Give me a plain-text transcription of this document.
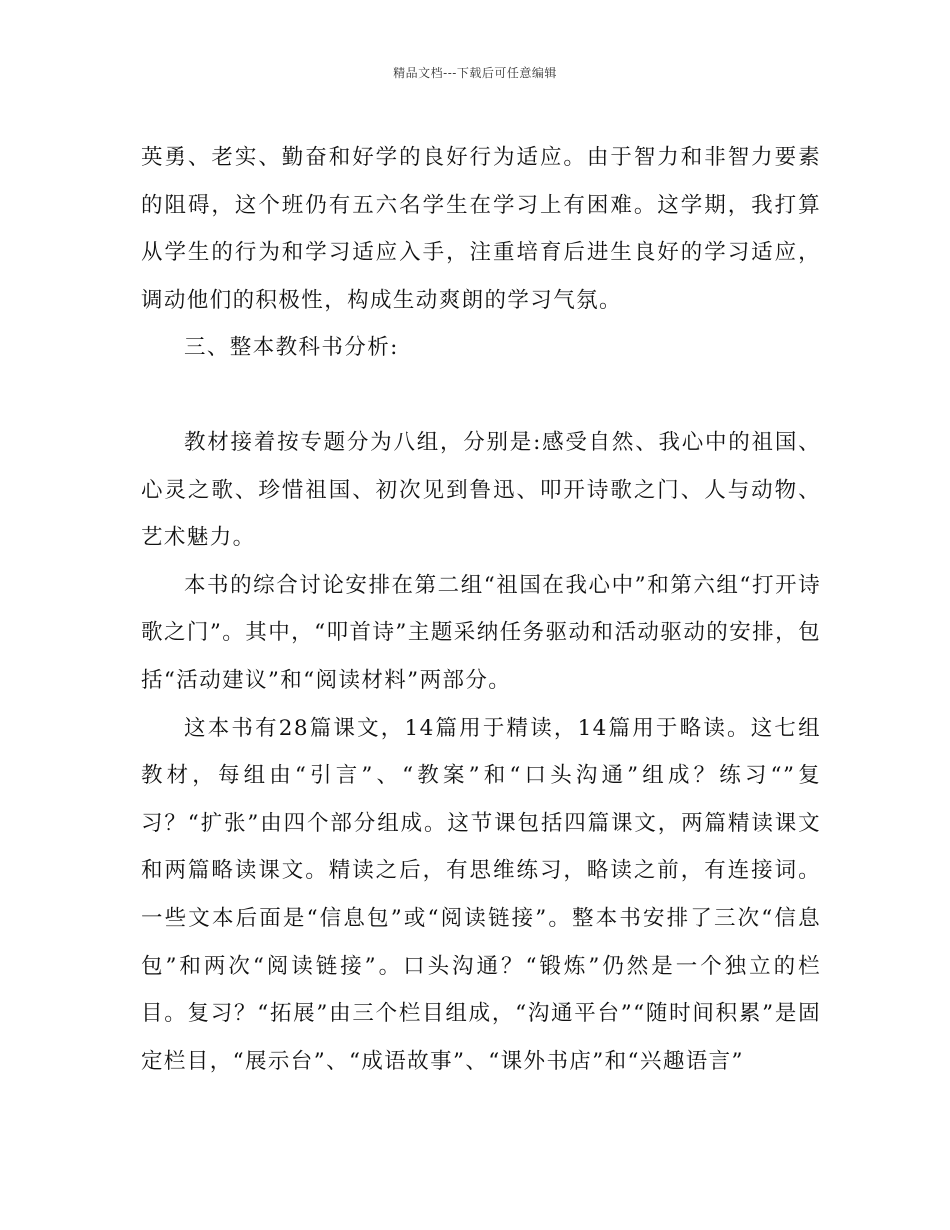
精品文档---下载后可任意编辑

英勇、老实、勤奋和好学的良好行为适应。由于智力和非智力要素的阻碍，这个班仍有五六名学生在学习上有困难。这学期，我打算从学生的行为和学习适应入手，注重培育后进生良好的学习适应，调动他们的积极性，构成生动爽朗的学习气氛。

三、整本教科书分析:

教材接着按专题分为八组，分别是:感受自然、我心中的祖国、心灵之歌、珍惜祖国、初次见到鲁迅、叩开诗歌之门、人与动物、艺术魅力。

本书的综合讨论安排在第二组“祖国在我心中”和第六组“打开诗歌之门”。其中，“叩首诗”主题采纳任务驱动和活动驱动的安排，包括“活动建议”和“阅读材料”两部分。

这本书有28篇课文，14篇用于精读，14篇用于略读。这七组教材，每组由“引言”、“教案”和“口头沟通”组成？练习“”复习？“扩张”由四个部分组成。这节课包括四篇课文，两篇精读课文和两篇略读课文。精读之后，有思维练习，略读之前，有连接词。一些文本后面是“信息包”或“阅读链接”。整本书安排了三次“信息包”和两次“阅读链接”。口头沟通？“锻炼”仍然是一个独立的栏目。复习？“拓展”由三个栏目组成，“沟通平台”“随时间积累”是固定栏目，“展示台”、“成语故事”、“课外书店”和“兴趣语言”
